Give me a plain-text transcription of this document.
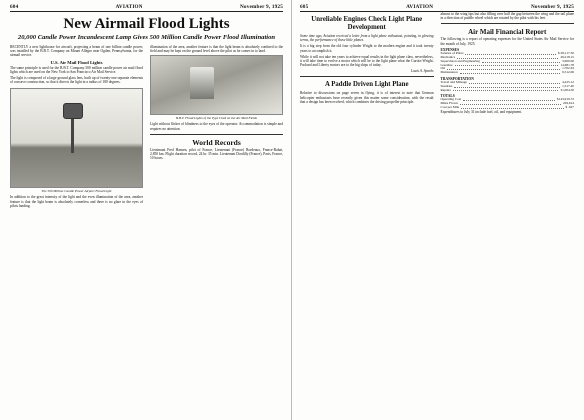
604	AVIATION	November 9, 1925
New Airmail Flood Lights
20,000 Candle Power Incandescent Lamp Gives 500 Million Candle Power Flood Illumination

RECENTLY a new lighthouse for aircraft, projecting a beam of one billion candle power, was installed by the B.B.T. Company on Mount Allegro near Ogden, Pennsylvania, for the airmail service.

U.S. Air Mail Flood Lights

The same principle is used for the B.B.T. Company 500 million candle power air mail flood lights which are used on the New York to San Francisco Air Mail Service.

The light is composed of a large ground glass lens, built up of twenty-one separate elements of concave construction, so that it directs the light in a radius of 180 degrees.

The 500 Million Candle Power Airport Flood Light

In addition to the great intensity of the light and the even illumination of the area, another feature is that the light beam is absolutely cornerless and there is no glare in the eyes of pilots landing.

illumination of the area, another feature is that the light beam is absolutely confined to the field and may be kept on the ground level above the pilot as he comes in to land.

B.B.T. Flood Lights of the Type Used on the Air Mail Fields

Light without flicker of blindness to the eyes of the operator. Accommodation is simple and requires no attention.

World Records

Lieutenant Fred Hansen, pilot of France, Lieutenant (France) Bordeaux, France-Rabat, 2,850 km. Flight duration record, 24 hr. 35 min. Lieutenant Dordilly (France), Paris, France, 10 hours.

605	AVIATION	November 9, 1925
Unreliable Engines Check Light Plane Development

Some time ago, Aviation received a letter from a light plane enthusiast, pointing, in glowing terms, the performance of these little planes.

It is a big step from the old four cylinder Wright to the modern engine and it took twenty years to accomplish it.

While it will not take ten years to achieve equal results in the light plane class, nevertheless, it will take time to evolve a motor which will be to the light plane what the Curtiss-Wright, Packard and Liberty motors are to the big ships of today.

Louis A. Sparks
A Paddle Driven Light Plane

Relative to discussions on page seven in flying, it is of interest to note that German helicopter enthusiasts have recently given this matter some consideration, with the result that a design has been evolved, which combines the driving propeller principle.

almost to the wing tips but also filling over half the gap between the wing and the tail plane in a direction of paddle wheel which are rotated by the pilot with his feet.

Air Mail Financial Report

The following is a report of operating expenses for the United States Air Mail Service for the month of July, 1925.

EXPENSES
Salaries of Pilots	$ 28,117.50
Mechanics	49,218.15
Supervision and Engineering	3,000.00
Gasoline	14,681.78
Oil	1,702.63
Maintenance	9,512.06
TRANSPORTATION
Travel and Mileage	4,225.12
Sundries	1,317.40
Repairs	31,004.50
TOTALS
Operating Cost	$143,919.72
Miles Flown	229,614
Cost per Mile	$ .627

Expenditures to July 31 include fuel, oil, and equipment.
